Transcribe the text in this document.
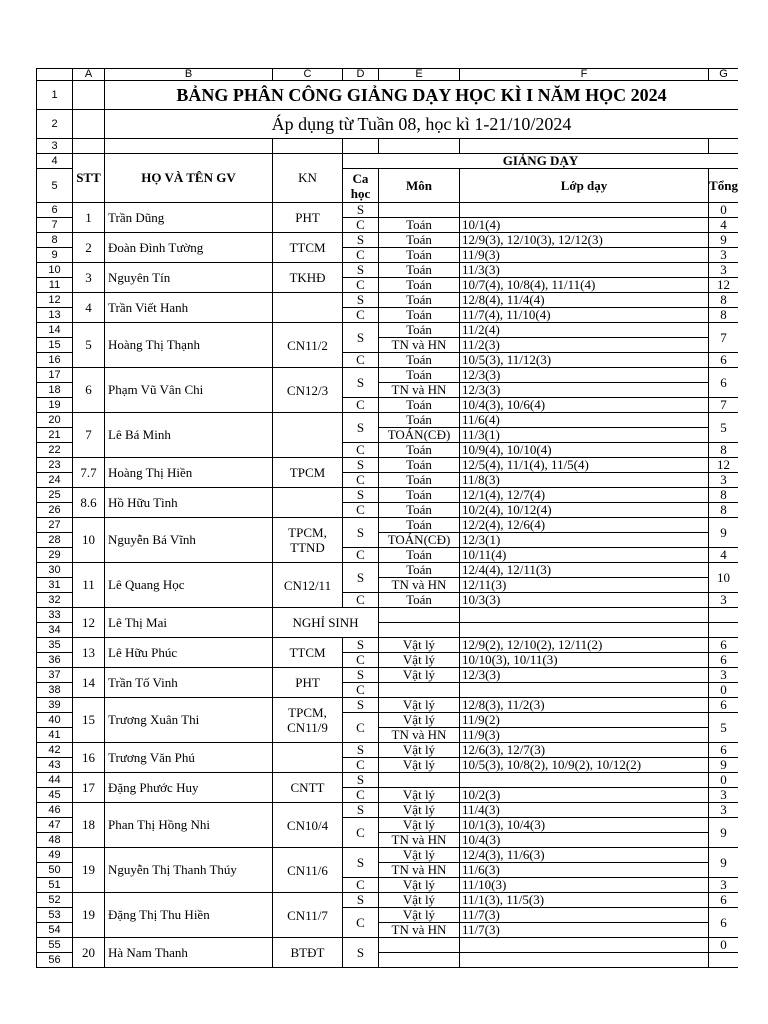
	A	B	C	D	E	F	G
1		BẢNG PHÂN CÔNG GIẢNG DẠY HỌC KÌ I NĂM HỌC 2024					
2		Áp dụng từ Tuần 08, học kì 1-21/10/2024					
3							
4	STT	HỌ VÀ TÊN GV	KN	GIẢNG DẠY			
5				Ca học	Môn	Lớp dạy	Tổng
6	1	Trần Dũng	PHT	S			0
7				C	Toán	10/1(4)	4
8	2	Đoàn Đình Tường	TTCM	S	Toán	12/9(3), 12/10(3), 12/12(3)	9
9				C	Toán	11/9(3)	3
10	3	Nguyên Tín	TKHĐ	S	Toán	11/3(3)	3
11				C	Toán	10/7(4), 10/8(4), 11/11(4)	12
12	4	Trần Viết Hanh		S	Toán	12/8(4), 11/4(4)	8
13				C	Toán	11/7(4), 11/10(4)	8
14	5	Hoàng Thị Thạnh	CN11/2	S	Toán	11/2(4)	7
15					TN và HN	11/2(3)	
16				C	Toán	10/5(3), 11/12(3)	6
17	6	Phạm Vũ Vân Chi	CN12/3	S	Toán	12/3(3)	6
18					TN và HN	12/3(3)	
19				C	Toán	10/4(3), 10/6(4)	7
20	7	Lê Bá Minh		S	Toán	11/6(4)	5
21					TOÁN(CĐ)	11/3(1)	
22				C	Toán	10/9(4), 10/10(4)	8
23	7.7	Hoàng Thị Hiền	TPCM	S	Toán	12/5(4), 11/1(4), 11/5(4)	12
24				C	Toán	11/8(3)	3
25	8.6	Hồ Hữu Tình		S	Toán	12/1(4), 12/7(4)	8
26				C	Toán	10/2(4), 10/12(4)	8
27	10	Nguyễn Bá Vĩnh	TPCM, TTND	S	Toán	12/2(4), 12/6(4)	9
28					TOÁN(CĐ)	12/3(1)	
29				C	Toán	10/11(4)	4
30	11	Lê Quang Học	CN12/11	S	Toán	12/4(4), 12/11(3)	10
31					TN và HN	12/11(3)	
32				C	Toán	10/3(3)	3
33	12	Lê Thị Mai	NGHỈ SINH				
34							
35	13	Lê Hữu Phúc	TTCM	S	Vật lý	12/9(2), 12/10(2), 12/11(2)	6
36				C	Vật lý	10/10(3), 10/11(3)	6
37	14	Trần Tố Vinh	PHT	S	Vật lý	12/3(3)	3
38				C			0
39	15	Trương Xuân Thi	TPCM, CN11/9	S	Vật lý	12/8(3), 11/2(3)	6
40				C	Vật lý	11/9(2)	5
41					TN và HN	11/9(3)	
42	16	Trương Văn Phú		S	Vật lý	12/6(3), 12/7(3)	6
43				C	Vật lý	10/5(3), 10/8(2), 10/9(2), 10/12(2)	9
44	17	Đặng Phước Huy	CNTT	S			0
45				C	Vật lý	10/2(3)	3
46	18	Phan Thị Hồng Nhi	CN10/4	S	Vật lý	11/4(3)	3
47				C	Vật lý	10/1(3), 10/4(3)	9
48					TN và HN	10/4(3)	
49	19	Nguyễn Thị Thanh Thúy	CN11/6	S	Vật lý	12/4(3), 11/6(3)	9
50					TN và HN	11/6(3)	
51				C	Vật lý	11/10(3)	3
52	19	Đặng Thị Thu Hiền	CN11/7	S	Vật lý	11/1(3), 11/5(3)	6
53				C	Vật lý	11/7(3)	6
54					TN và HN	11/7(3)	
55	20	Hà Nam Thanh	BTĐT	S			0
56							
